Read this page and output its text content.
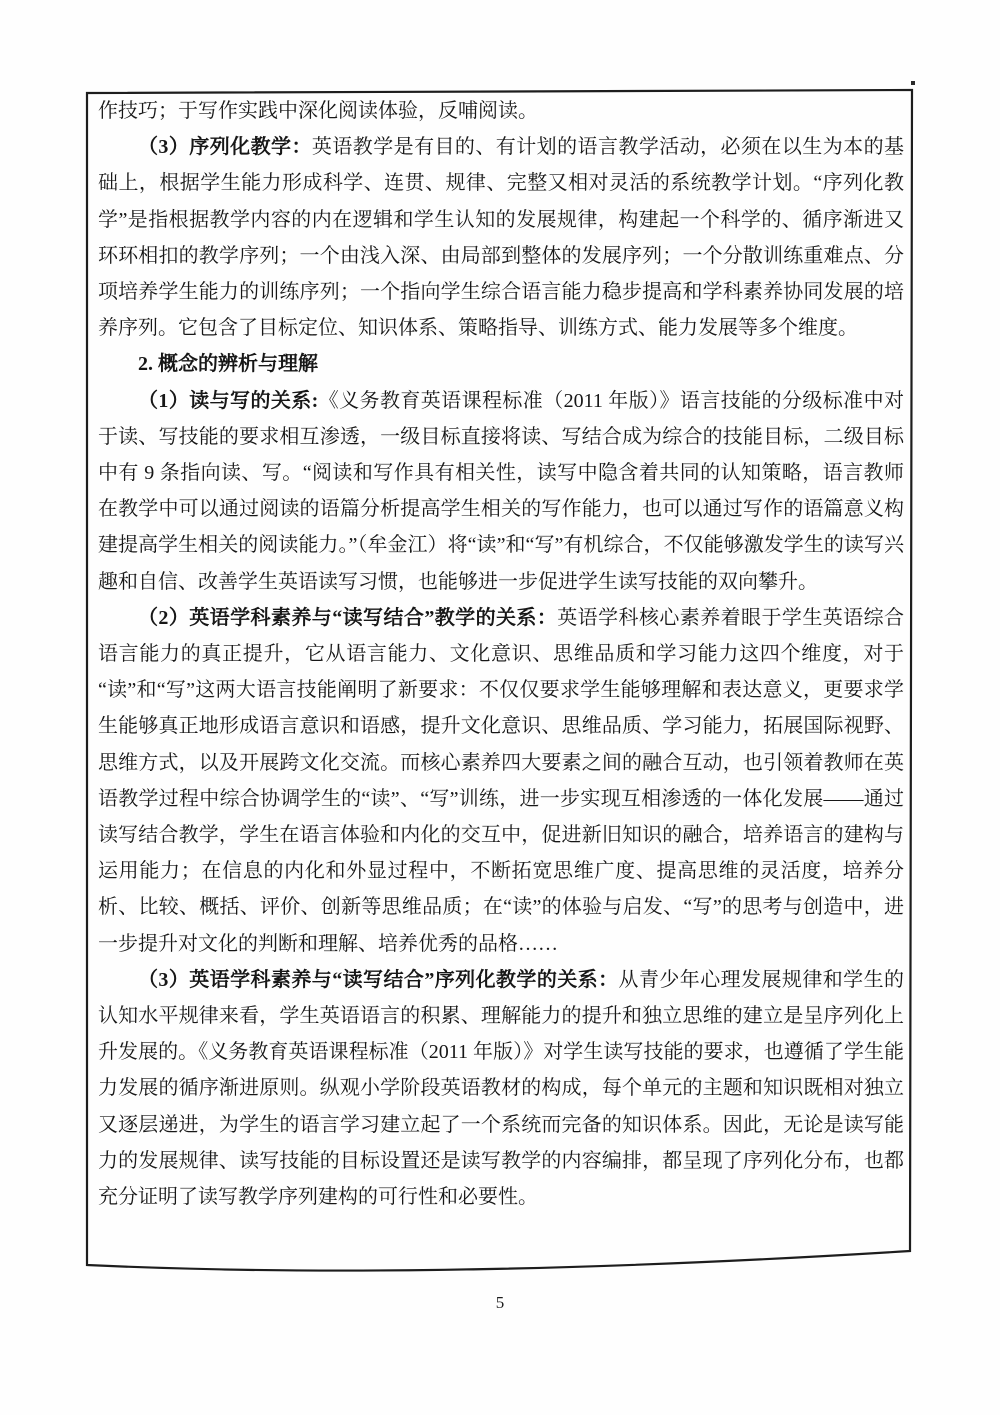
作技巧；于写作实践中深化阅读体验，反哺阅读。

（3）序列化教学：英语教学是有目的、有计划的语言教学活动，必须在以生为本的基础上，根据学生能力形成科学、连贯、规律、完整又相对灵活的系统教学计划。“序列化教学”是指根据教学内容的内在逻辑和学生认知的发展规律，构建起一个科学的、循序渐进又环环相扣的教学序列；一个由浅入深、由局部到整体的发展序列；一个分散训练重难点、分项培养学生能力的训练序列；一个指向学生综合语言能力稳步提高和学科素养协同发展的培养序列。它包含了目标定位、知识体系、策略指导、训练方式、能力发展等多个维度。

2. 概念的辨析与理解

（1）读与写的关系:《义务教育英语课程标准（2011 年版）》语言技能的分级标准中对于读、写技能的要求相互渗透，一级目标直接将读、写结合成为综合的技能目标，二级目标中有 9 条指向读、写。“阅读和写作具有相关性，读写中隐含着共同的认知策略，语言教师在教学中可以通过阅读的语篇分析提高学生相关的写作能力，也可以通过写作的语篇意义构建提高学生相关的阅读能力。”（牟金江）将“读”和“写”有机综合，不仅能够激发学生的读写兴趣和自信、改善学生英语读写习惯，也能够进一步促进学生读写技能的双向攀升。

（2）英语学科素养与“读写结合”教学的关系：英语学科核心素养着眼于学生英语综合语言能力的真正提升，它从语言能力、文化意识、思维品质和学习能力这四个维度，对于“读”和“写”这两大语言技能阐明了新要求：不仅仅要求学生能够理解和表达意义，更要求学生能够真正地形成语言意识和语感，提升文化意识、思维品质、学习能力，拓展国际视野、思维方式，以及开展跨文化交流。而核心素养四大要素之间的融合互动，也引领着教师在英语教学过程中综合协调学生的“读”、“写”训练，进一步实现互相渗透的一体化发展——通过读写结合教学，学生在语言体验和内化的交互中，促进新旧知识的融合，培养语言的建构与运用能力；在信息的内化和外显过程中，不断拓宽思维广度、提高思维的灵活度，培养分析、比较、概括、评价、创新等思维品质；在“读”的体验与启发、“写”的思考与创造中，进一步提升对文化的判断和理解、培养优秀的品格……

（3）英语学科素养与“读写结合”序列化教学的关系：从青少年心理发展规律和学生的认知水平规律来看，学生英语语言的积累、理解能力的提升和独立思维的建立是呈序列化上升发展的。《义务教育英语课程标准（2011 年版）》对学生读写技能的要求，也遵循了学生能力发展的循序渐进原则。纵观小学阶段英语教材的构成，每个单元的主题和知识既相对独立又逐层递进，为学生的语言学习建立起了一个系统而完备的知识体系。因此，无论是读写能力的发展规律、读写技能的目标设置还是读写教学的内容编排，都呈现了序列化分布，也都充分证明了读写教学序列建构的可行性和必要性。

5
